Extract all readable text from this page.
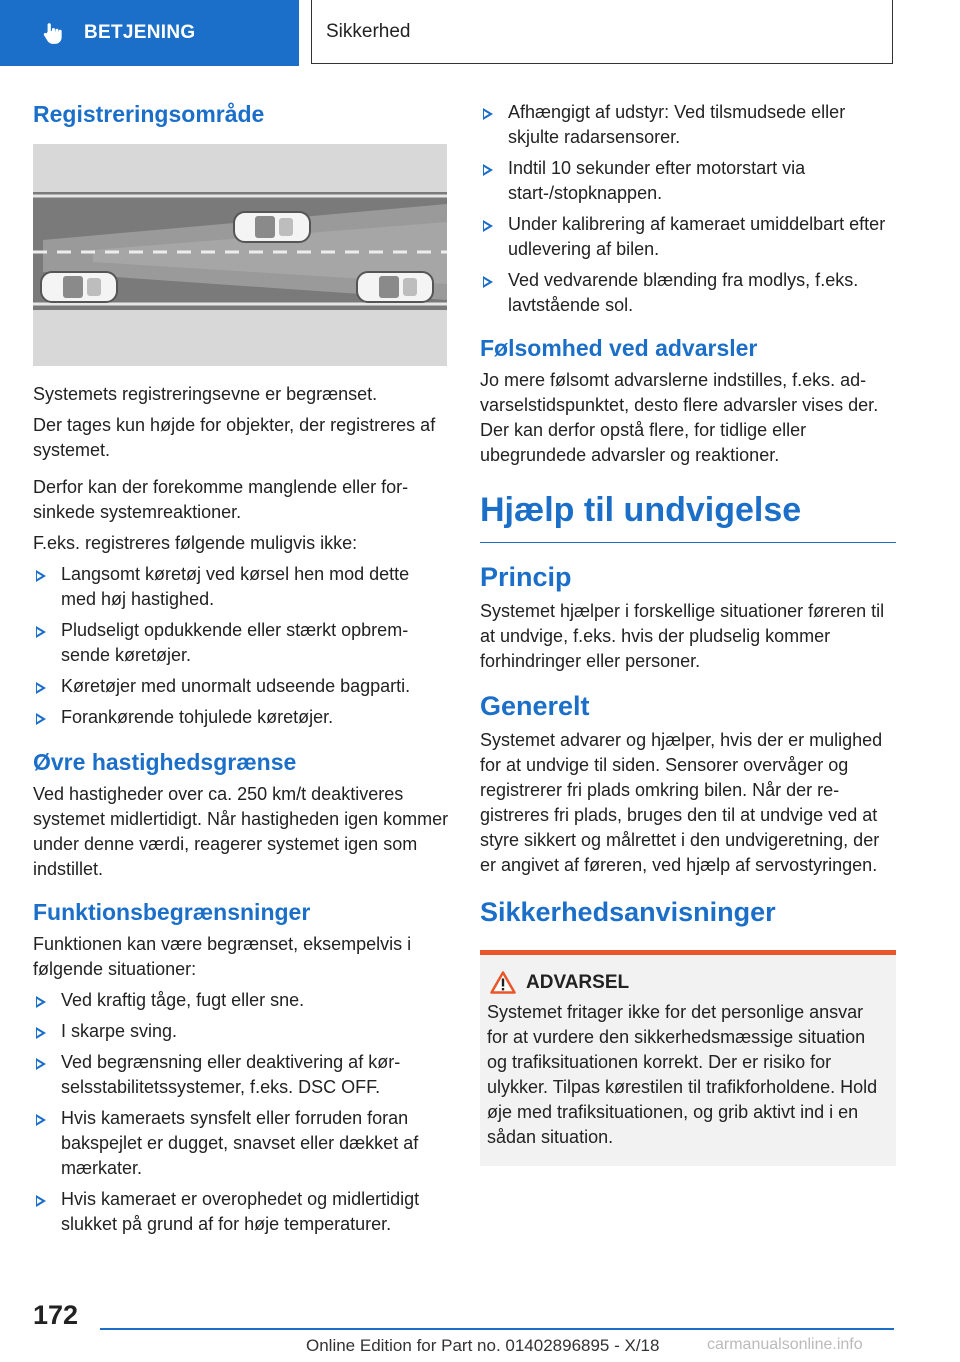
BETJENING	Sikkerhed
Registreringsområde

Systemets registreringsevne er begrænset.

Der tages kun højde for objekter, der registreres af systemet.

Derfor kan der forekomme manglende eller forsinkede systemreaktioner.

F.eks. registreres følgende muligvis ikke:

Langsomt køretøj ved kørsel hen mod dette med høj hastighed.
Pludseligt opdukkende eller stærkt opbremsende køretøjer.
Køretøjer med unormalt udseende bagparti.
Forankørende tohjulede køretøjer.
Øvre hastighedsgrænse

Ved hastigheder over ca. 250 km/t deaktiveres systemet midlertidigt. Når hastigheden igen kommer under denne værdi, reagerer systemet igen som indstillet.

Funktionsbegrænsninger

Funktionen kan være begrænset, eksempelvis i følgende situationer:

Ved kraftig tåge, fugt eller sne.
I skarpe sving.
Ved begrænsning eller deaktivering af kørselsstabilitetssystemer, f.eks. DSC OFF.
Hvis kameraets synsfelt eller forruden foran bakspejlet er dugget, snavset eller dækket af mærkater.
Hvis kameraet er overophedet og midlertidigt slukket på grund af for høje temperaturer.
Afhængigt af udstyr: Ved tilsmudsede eller skjulte radarsensorer.
Indtil 10 sekunder efter motorstart via start-/stopknappen.
Under kalibrering af kameraet umiddelbart efter udlevering af bilen.
Ved vedvarende blænding fra modlys, f.eks. lavtstående sol.
Følsomhed ved advarsler

Jo mere følsomt advarslerne indstilles, f.eks. advarselstidspunktet, desto flere advarsler vises der. Der kan derfor opstå flere, for tidlige eller ubegrundede advarsler og reaktioner.

Hjælp til undvigelse
Princip

Systemet hjælper i forskellige situationer føreren til at undvige, f.eks. hvis der pludselig kommer forhindringer eller personer.

Generelt

Systemet advarer og hjælper, hvis der er mulighed for at undvige til siden. Sensorer overvåger og registrerer fri plads omkring bilen. Når der registreres fri plads, bruges den til at undvige ved at styre sikkert og målrettet i den undvigeretning, der er angivet af føreren, ved hjælp af servostyringen.

Sikkerhedsanvisninger
ADVARSEL

Systemet fritager ikke for det personlige ansvar for at vurdere den sikkerhedsmæssige situation og trafiksituationen korrekt. Der er risiko for ulykker. Tilpas kørestilen til trafikforholdene. Hold øje med trafiksituationen, og grib aktivt ind i en sådan situation.

172
Online Edition for Part no. 01402896895 - X/18	carmanualsonline.info
